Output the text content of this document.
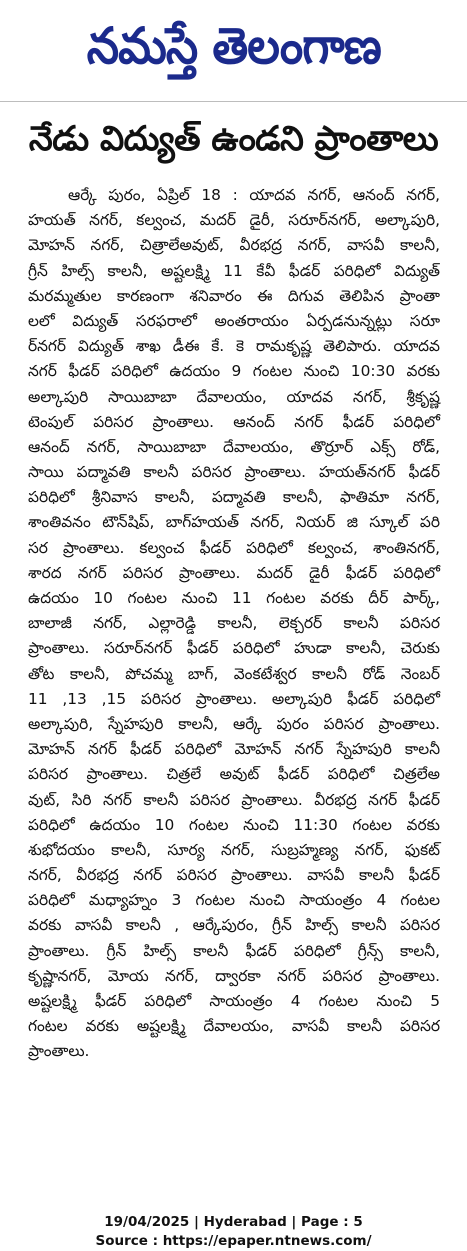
నమస్తే తెలంగాణ
నేడు విద్యుత్ ఉండని ప్రాంతాలు
ఆర్కే పురం, ఏప్రిల్ 18 : యాదవ నగర్, ఆనంద్ నగర్,
హయత్ నగర్, కల్వంచ, మదర్ డైరీ, సరూర్‌నగర్, అల్కాపురి,
మోహన్ నగర్, చిత్రాలేఅవుట్, వీరభద్ర నగర్, వాసవీ కాలనీ,
గ్రీన్ హిల్స్ కాలనీ, అష్టలక్ష్మి 11 కేవీ ఫీడర్ పరిధిలో విద్యుత్
మరమ్మతుల కారణంగా శనివారం ఈ దిగువ తెలిపిన ప్రాంతా
లలో విద్యుత్ సరఫరాలో అంతరాయం ఏర్పడనున్నట్లు సరూ
ర్‌నగర్ విద్యుత్ శాఖ డీఈ కే. కె రామకృష్ణ తెలిపారు. యాదవ
నగర్ ఫీడర్ పరిధిలో ఉదయం 9 గంటల నుంచి 10:30 వరకు
అల్కాపురి సాయిబాబా దేవాలయం, యాదవ నగర్, శ్రీకృష్ణ
టెంపుల్ పరిసర ప్రాంతాలు. ఆనంద్ నగర్ ఫీడర్ పరిధిలో
ఆనంద్ నగర్, సాయిబాబా దేవాలయం, తొర్రూర్ ఎక్స్ రోడ్,
సాయి పద్మావతి కాలనీ పరిసర ప్రాంతాలు. హయత్‌నగర్ ఫీడర్
పరిధిలో శ్రీనివాస కాలనీ, పద్మావతి కాలనీ, ఫాతిమా నగర్,
శాంతివనం టౌన్‌షిప్, బాగ్‌హయత్ నగర్, నియర్ జి స్కూల్ పరి
సర ప్రాంతాలు. కల్వంచ ఫీడర్ పరిధిలో కల్వంచ, శాంతినగర్,
శారద నగర్ పరిసర ప్రాంతాలు. మదర్ డైరీ ఫీడర్ పరిధిలో
ఉదయం 10 గంటల నుంచి 11 గంటల వరకు దీర్ పార్క్,
బాలాజీ నగర్, ఎల్లారెడ్డి కాలనీ, లెక్చరర్ కాలనీ పరిసర
ప్రాంతాలు. సరూర్‌నగర్ ఫీడర్ పరిధిలో హుడా కాలనీ, చెరుకు
తోట కాలనీ, పోచమ్మ బాగ్, వెంకటేశ్వర కాలనీ రోడ్ నెంబర్
11 ,13 ,15 పరిసర ప్రాంతాలు. అల్కాపురి ఫీడర్ పరిధిలో
అల్కాపురి, స్నేహపురి కాలనీ, ఆర్కే పురం పరిసర ప్రాంతాలు.
మోహన్ నగర్ ఫీడర్ పరిధిలో మోహన్ నగర్ స్నేహపురి కాలనీ
పరిసర ప్రాంతాలు. చిత్రలే అవుట్ ఫీడర్ పరిధిలో చిత్రలేఅ
వుట్, సిరి నగర్ కాలనీ పరిసర ప్రాంతాలు. వీరభద్ర నగర్ ఫీడర్
పరిధిలో ఉదయం 10 గంటల నుంచి 11:30 గంటల వరకు
శుభోదయం కాలనీ, సూర్య నగర్, సుబ్రహ్మణ్య నగర్, ఫుకట్
నగర్, వీరభద్ర నగర్ పరిసర ప్రాంతాలు. వాసవీ కాలనీ ఫీడర్
పరిధిలో మధ్యాహ్నం 3 గంటల నుంచి సాయంత్రం 4 గంటల
వరకు వాసవీ కాలనీ , ఆర్కేపురం, గ్రీన్ హిల్స్ కాలనీ పరిసర
ప్రాంతాలు. గ్రీన్ హిల్స్ కాలనీ ఫీడర్ పరిధిలో గ్రీన్స్ కాలనీ,
కృష్ణానగర్, మోయ నగర్, ద్వారకా నగర్ పరిసర ప్రాంతాలు.
అష్టలక్ష్మి ఫీడర్ పరిధిలో సాయంత్రం 4 గంటల నుంచి 5
గంటల వరకు అష్టలక్ష్మి దేవాలయం, వాసవీ కాలనీ పరిసర
ప్రాంతాలు.
19/04/2025 | Hyderabad | Page : 5
Source : https://epaper.ntnews.com/
